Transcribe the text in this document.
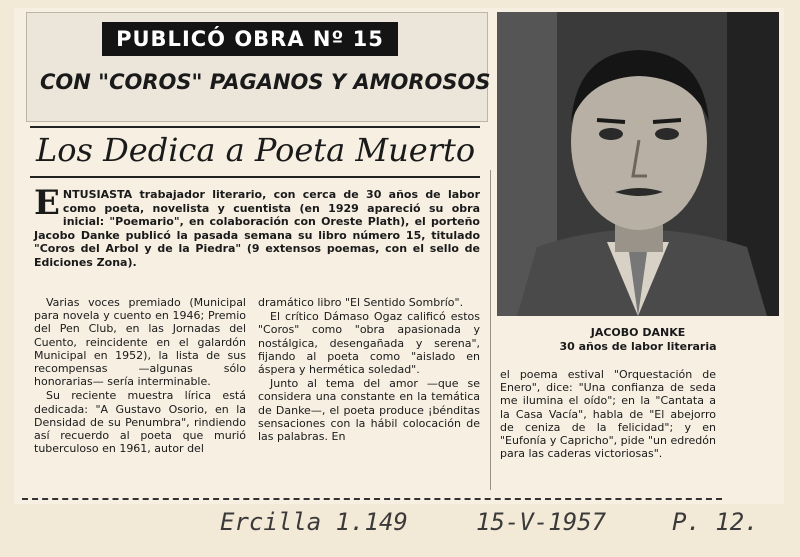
PUBLICÓ OBRA Nº 15
CON "COROS" PAGANOS Y AMOROSOS
Los Dedica a Poeta Muerto
ENTUSIASTA trabajador literario, con cerca de 30 años de labor como poeta, novelista y cuentista (en 1929 apareció su obra inicial: "Poemario", en colaboración con Oreste Plath), el porteño Jacobo Danke publicó la pasada semana su libro número 15, titulado "Coros del Arbol y de la Piedra" (9 extensos poemas, con el sello de Ediciones Zona).

Varias voces premiado (Municipal para novela y cuento en 1946; Premio del Pen Club, en las Jornadas del Cuento, reincidente en el galardón Municipal en 1952), la lista de sus recompensas —algunas sólo honorarias— sería interminable.

Su reciente muestra lírica está dedicada: "A Gustavo Osorio, en la Densidad de su Penumbra", rindiendo así recuerdo al poeta que murió tuberculoso en 1961, autor del

dramático libro "El Sentido Sombrío".

El crítico Dámaso Ogaz calificó estos "Coros" como "obra apasionada y nostálgica, desengañada y serena", fijando al poeta como "aislado en áspera y hermética soledad".

Junto al tema del amor —que se considera una constante en la temática de Danke—, el poeta produce ¡bénditas sensaciones con la hábil colocación de las palabras. En

JACOBO DANKE
30 años de labor literaria

el poema estival "Orquestación de Enero", dice: "Una confianza de seda me ilumina el oído"; en la "Cantata a la Casa Vacía", habla de "El abejorro de ceniza de la felicidad"; y en "Eufonía y Capricho", pide "un edredón para las caderas victoriosas".

Ercilla 1.149	15-V-1957	P. 12.
